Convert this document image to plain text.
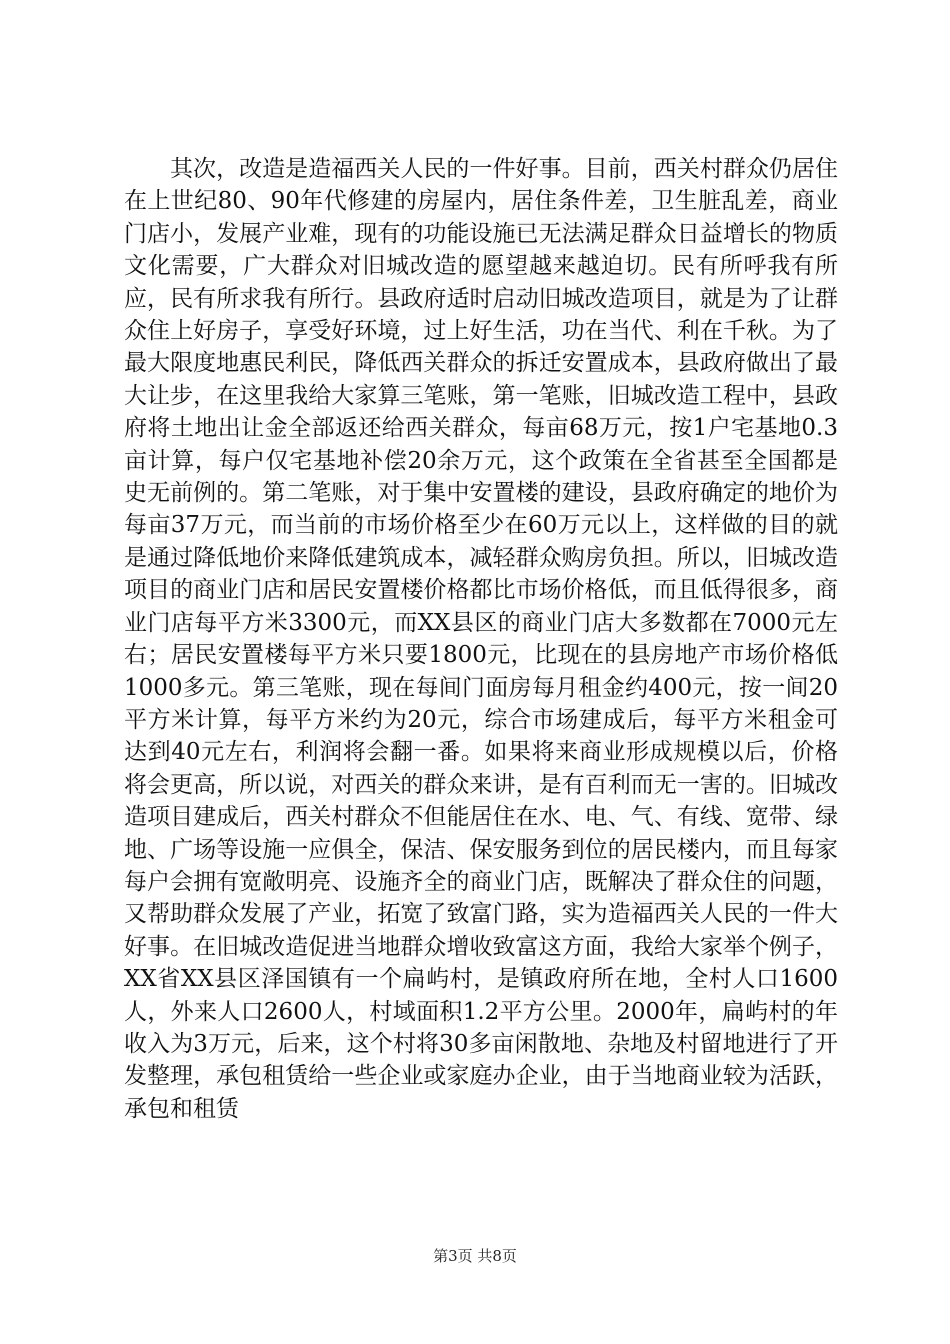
其次，改造是造福西关人民的一件好事。目前，西关村群众仍居住在上世纪80、90年代修建的房屋内，居住条件差，卫生脏乱差，商业门店小，发展产业难，现有的功能设施已无法满足群众日益增长的物质文化需要，广大群众对旧城改造的愿望越来越迫切。民有所呼我有所应，民有所求我有所行。县政府适时启动旧城改造项目，就是为了让群众住上好房子，享受好环境，过上好生活，功在当代、利在千秋。为了最大限度地惠民利民，降低西关群众的拆迁安置成本，县政府做出了最大让步，在这里我给大家算三笔账，第一笔账，旧城改造工程中，县政府将土地出让金全部返还给西关群众，每亩68万元，按1户宅基地0.3亩计算，每户仅宅基地补偿20余万元，这个政策在全省甚至全国都是史无前例的。第二笔账，对于集中安置楼的建设，县政府确定的地价为每亩37万元，而当前的市场价格至少在60万元以上，这样做的目的就是通过降低地价来降低建筑成本，减轻群众购房负担。所以，旧城改造项目的商业门店和居民安置楼价格都比市场价格低，而且低得很多，商业门店每平方米3300元，而XX县区的商业门店大多数都在7000元左右；居民安置楼每平方米只要1800元，比现在的县房地产市场价格低1000多元。第三笔账，现在每间门面房每月租金约400元，按一间20平方米计算，每平方米约为20元，综合市场建成后，每平方米租金可达到40元左右，利润将会翻一番。如果将来商业形成规模以后，价格将会更高，所以说，对西关的群众来讲，是有百利而无一害的。旧城改造项目建成后，西关村群众不但能居住在水、电、气、有线、宽带、绿地、广场等设施一应俱全，保洁、保安服务到位的居民楼内，而且每家每户会拥有宽敞明亮、设施齐全的商业门店，既解决了群众住的问题，又帮助群众发展了产业，拓宽了致富门路，实为造福西关人民的一件大好事。在旧城改造促进当地群众增收致富这方面，我给大家举个例子，XX省XX县区泽国镇有一个扁屿村，是镇政府所在地，全村人口1600人，外来人口2600人，村域面积1.2平方公里。2000年，扁屿村的年收入为3万元，后来，这个村将30多亩闲散地、杂地及村留地进行了开发整理，承包租赁给一些企业或家庭办企业，由于当地商业较为活跃，承包和租赁

第3页 共8页
